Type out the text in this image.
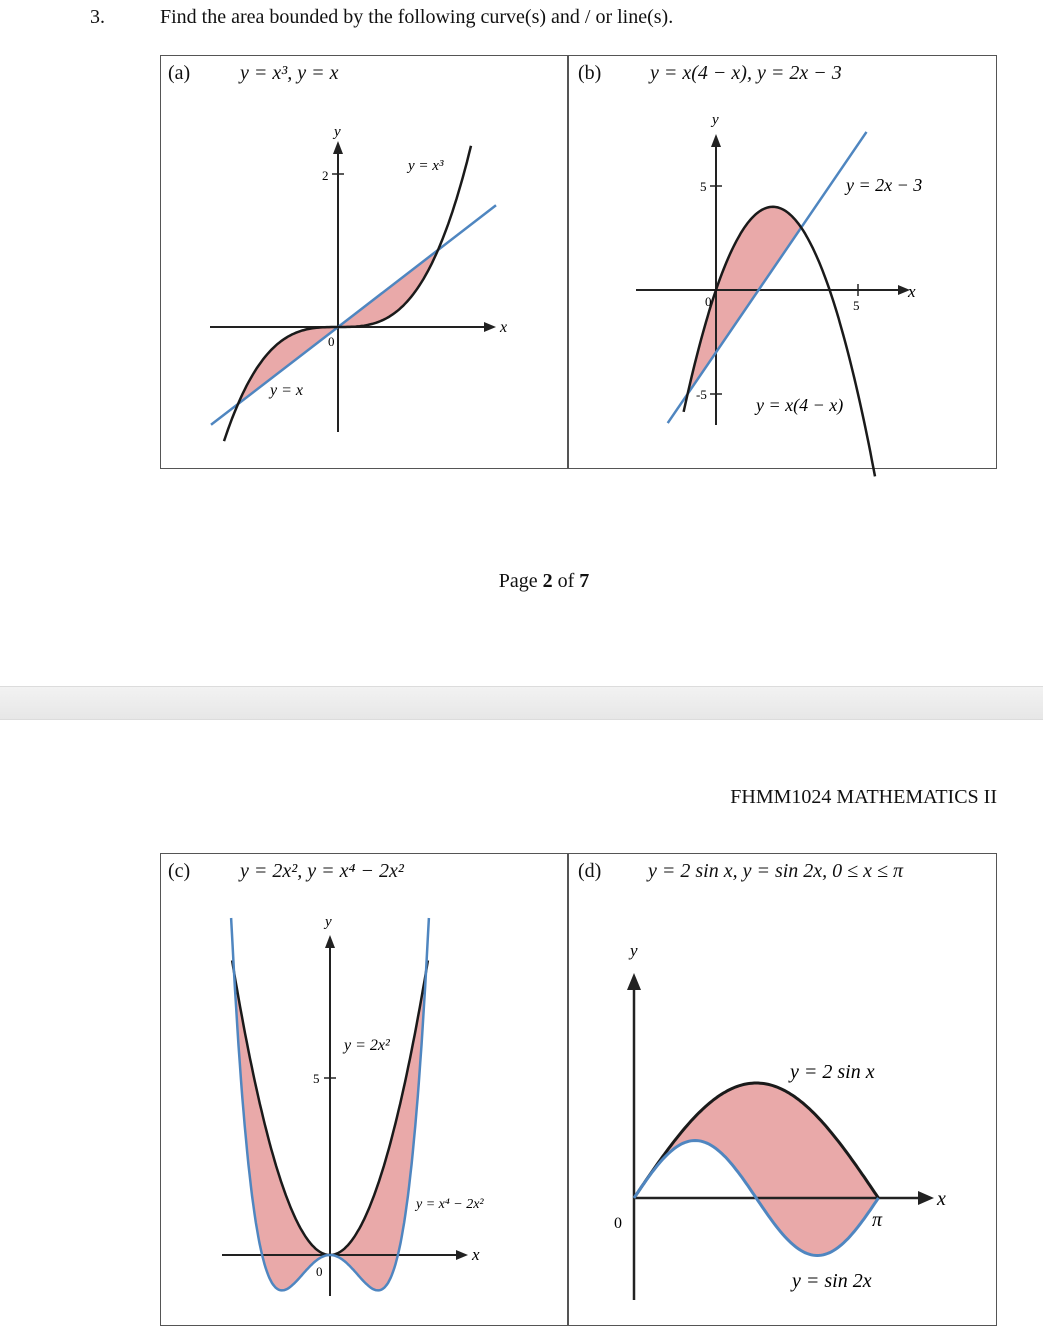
3.	Find the area bounded by the following curve(s) and / or line(s).
(a) y = x³, y = x	(b) y = x(4 − x), y = 2x − 3
x
y
2
0
y = x³
y = x
x
y
5
-5
5
0
y = 2x − 3
y = x(4 − x)
Page 2 of 7
FHMM1024 MATHEMATICS II
(c) y = 2x², y = x⁴ − 2x²	(d) y = 2 sin x, y = sin 2x, 0 ≤ x ≤ π
x
y
5
0
y = 2x²
y = x⁴ − 2x²	x
y
0	π
y = 2 sin x
y = sin 2x
